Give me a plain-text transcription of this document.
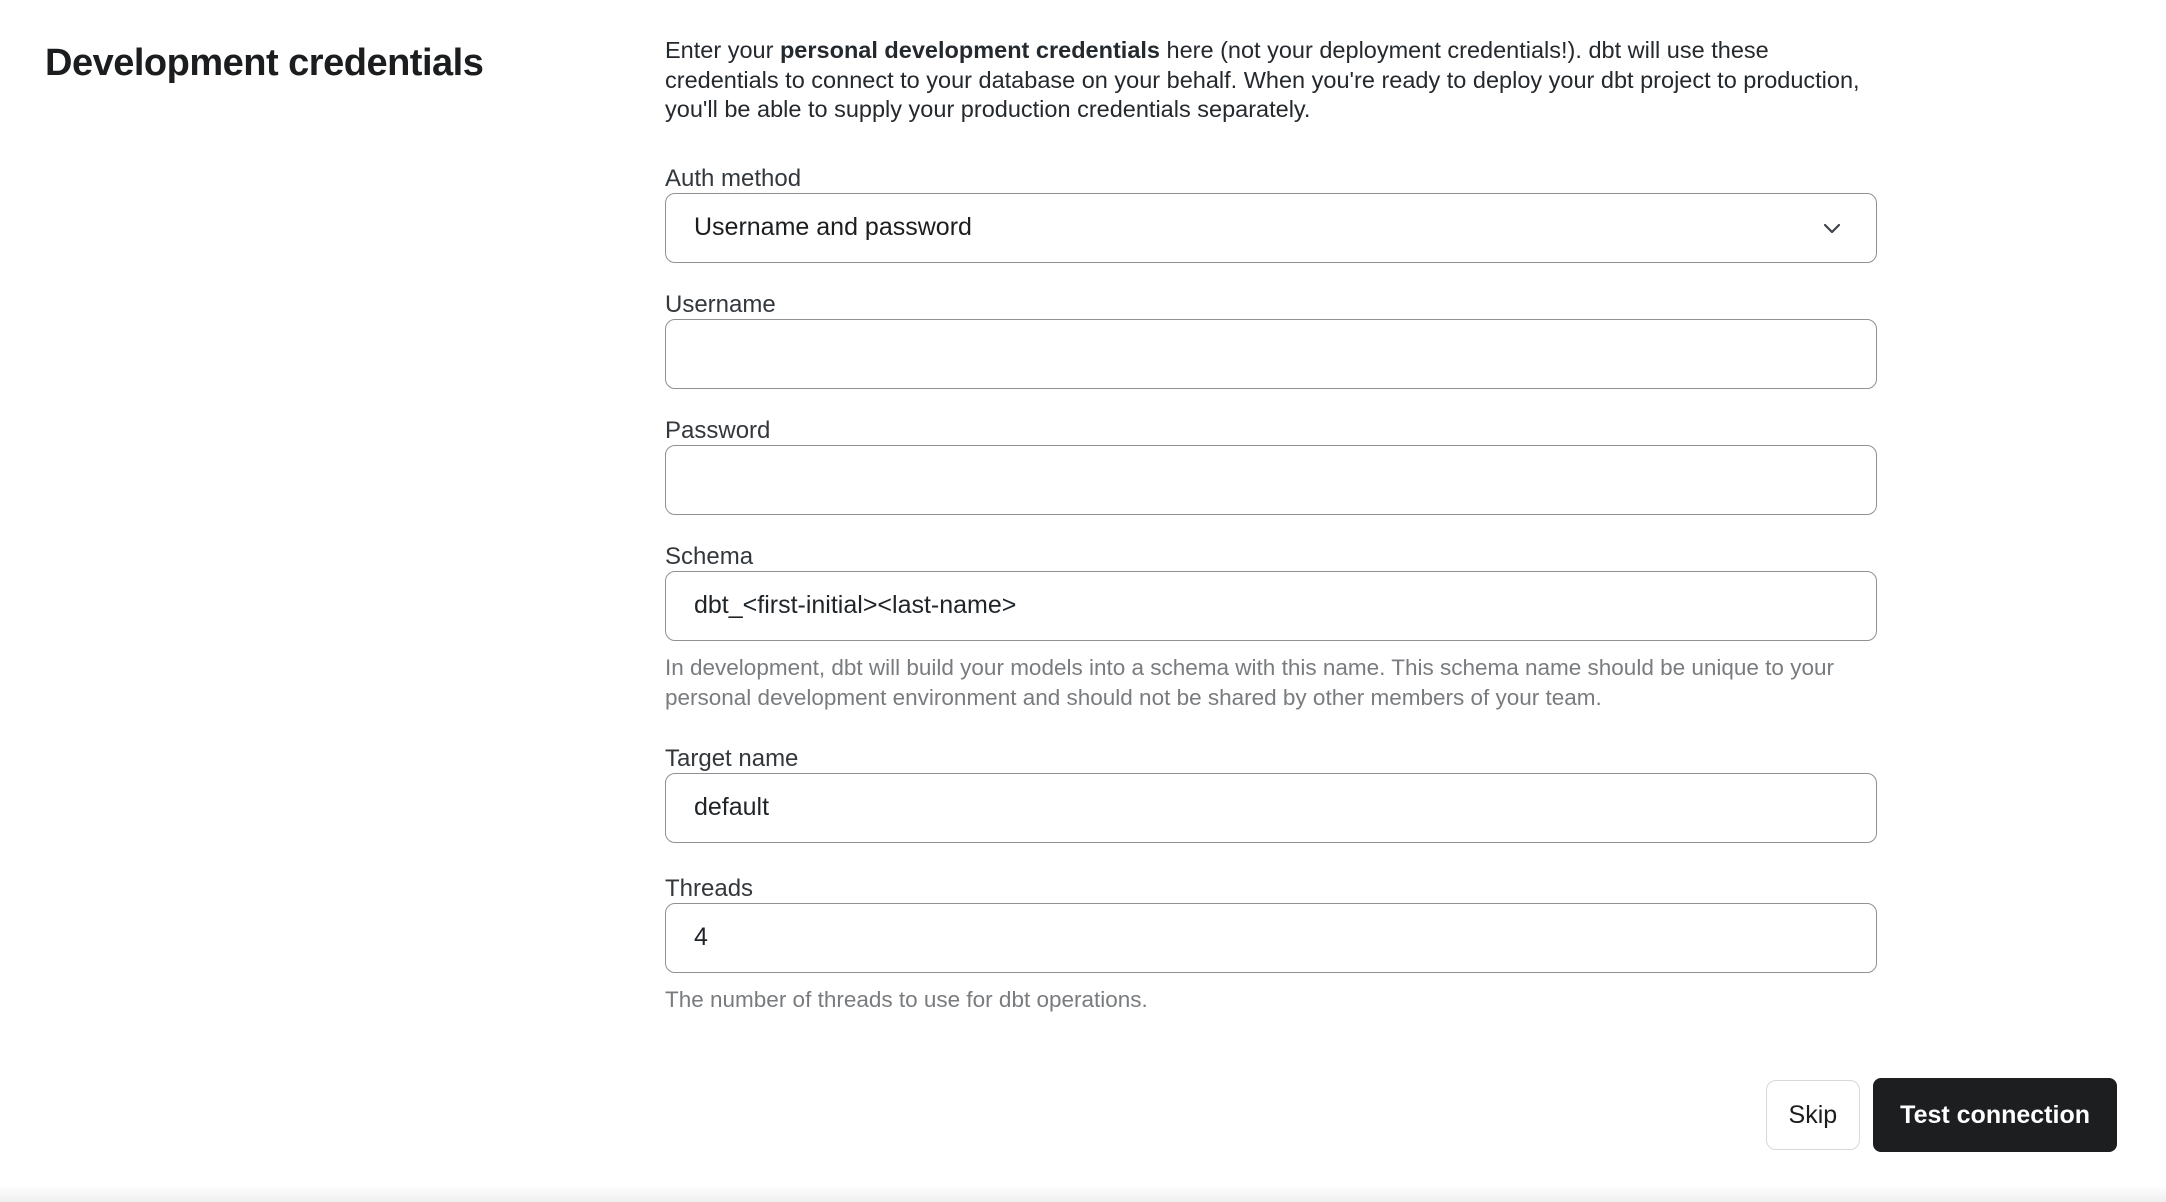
Development credentials	Enter your personal development credentials here (not your deployment credentials!). dbt will use these credentials to connect to your database on your behalf. When you're ready to deploy your dbt project to production, you'll be able to supply your production credentials separately.

Auth method
Username and password
Username
Password
Schema
dbt_<first-initial><last-name>

In development, dbt will build your models into a schema with this name. This schema name should be unique to your personal development environment and should not be shared by other members of your team.

Target name
default
Threads
4

The number of threads to use for dbt operations.

Skip	Test connection
